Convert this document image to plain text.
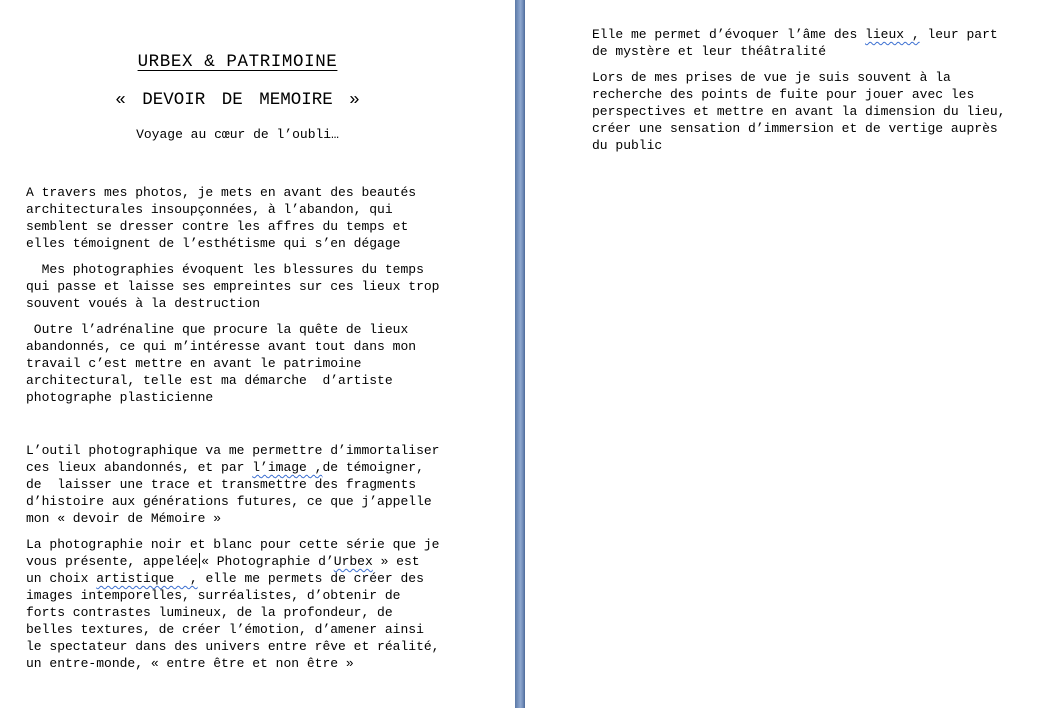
URBEX & PATRIMOINE
« DEVOIR DE MEMOIRE »
Voyage au cœur de l’oubli…

A travers mes photos, je mets en avant des beautés
architecturales insoupçonnées, à l’abandon, qui
semblent se dresser contre les affres du temps et
elles témoignent de l’esthétisme qui s’en dégage

Mes photographies évoquent les blessures du temps
qui passe et laisse ses empreintes sur ces lieux trop
souvent voués à la destruction

Outre l’adrénaline que procure la quête de lieux
abandonnés, ce qui m’intéresse avant tout dans mon
travail c’est mettre en avant le patrimoine
architectural, telle est ma démarche  d’artiste
photographe plasticienne

L’outil photographique va me permettre d’immortaliser
ces lieux abandonnés, et par l’image ,de témoigner,
de  laisser une trace et transmettre des fragments
d’histoire aux générations futures, ce que j’appelle
mon « devoir de Mémoire »

La photographie noir et blanc pour cette série que je
vous présente, appelée « Photographie d’Urbex » est
un choix artistique  , elle me permets de créer des
images intemporelles, surréalistes, d’obtenir de
forts contrastes lumineux, de la profondeur, de
belles textures, de créer l’émotion, d’amener ainsi
le spectateur dans des univers entre rêve et réalité,
un entre-monde, « entre être et non être »

Elle me permet d’évoquer l’âme des lieux , leur part
de mystère et leur théâtralité

Lors de mes prises de vue je suis souvent à la
recherche des points de fuite pour jouer avec les
perspectives et mettre en avant la dimension du lieu,
créer une sensation d’immersion et de vertige auprès
du public
